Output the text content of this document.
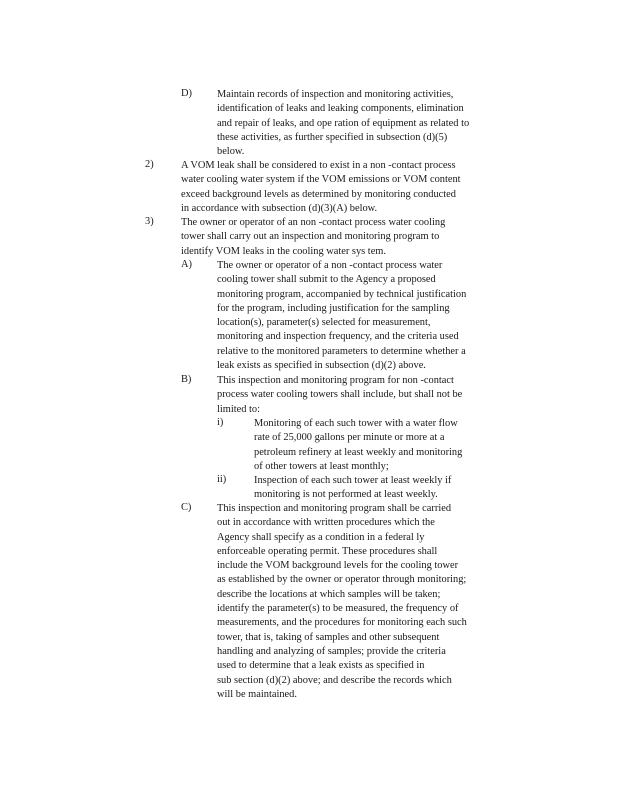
D) Maintain records of inspection and monitoring activities,
identification of leaks and leaking components, elimination
and repair of leaks, and ope ration of equipment as related to
these activities, as further specified in subsection (d)(5)
below.
2)	A VOM leak shall be considered to exist in a non -contact process
water cooling water system if the VOM emissions or VOM content
exceed background levels as determined by monitoring conducted
in accordance with subsection (d)(3)(A) below.
3)	The owner or operator of an non -contact process water cooling
tower shall carry out an inspection and monitoring program to
identify VOM leaks in the cooling water sys tem.
A) The owner or operator of a non -contact process water
cooling tower shall submit to the Agency a proposed
monitoring program, accompanied by technical justification
for the program, including justification for the sampling
location(s), parameter(s) selected for measurement,
monitoring and inspection frequency, and the criteria used
relative to the monitored parameters to determine whether a
leak exists as specified in subsection (d)(2) above.
B) This inspection and monitoring program for non -contact
process water cooling towers shall include, but shall not be
limited to:
i)	Monitoring of each such tower with a water flow
rate of 25,000 gallons per minute or more at a
petroleum refinery at least weekly and monitoring
of other towers at least monthly;
ii)	Inspection of each such tower at least weekly if
monitoring is not performed at least weekly.
C) This inspection and monitoring program shall be carried
out in accordance with written procedures which the
Agency shall specify as a condition in a federal ly
enforceable operating permit. These procedures shall
include the VOM background levels for the cooling tower
as established by the owner or operator through monitoring;
describe the locations at which samples will be taken;
identify the parameter(s) to be measured, the frequency of
measurements, and the procedures for monitoring each such
tower, that is, taking of samples and other subsequent
handling and analyzing of samples; provide the criteria
used to determine that a leak exists as specified in
sub section (d)(2) above; and describe the records which
will be maintained.
